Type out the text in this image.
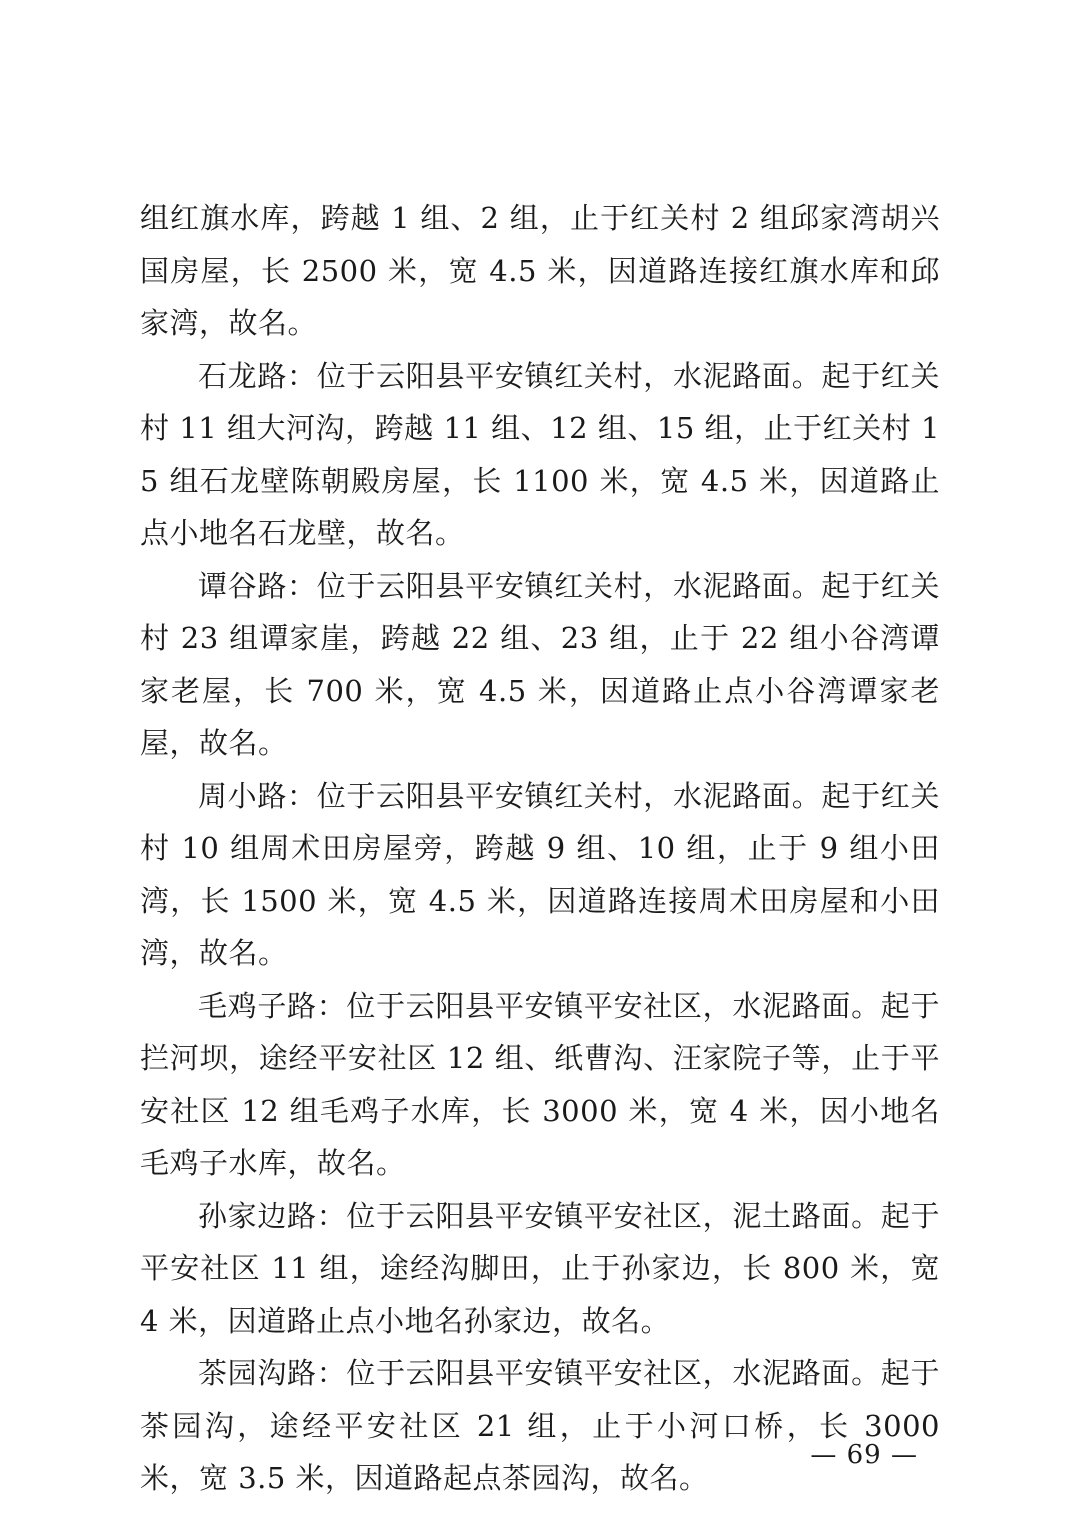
组红旗水库，跨越 1 组、2 组，止于红关村 2 组邱家湾胡兴国房屋，长 2500 米，宽 4.5 米，因道路连接红旗水库和邱家湾，故名。

石龙路：位于云阳县平安镇红关村，水泥路面。起于红关村 11 组大河沟，跨越 11 组、12 组、15 组，止于红关村 15 组石龙壁陈朝殿房屋，长 1100 米，宽 4.5 米，因道路止点小地名石龙壁，故名。

谭谷路：位于云阳县平安镇红关村，水泥路面。起于红关村 23 组谭家崖，跨越 22 组、23 组，止于 22 组小谷湾谭家老屋，长 700 米，宽 4.5 米，因道路止点小谷湾谭家老屋，故名。

周小路：位于云阳县平安镇红关村，水泥路面。起于红关村 10 组周术田房屋旁，跨越 9 组、10 组，止于 9 组小田湾，长 1500 米，宽 4.5 米，因道路连接周术田房屋和小田湾，故名。

毛鸡子路：位于云阳县平安镇平安社区，水泥路面。起于拦河坝，途经平安社区 12 组、纸曹沟、汪家院子等，止于平安社区 12 组毛鸡子水库，长 3000 米，宽 4 米，因小地名毛鸡子水库，故名。

孙家边路：位于云阳县平安镇平安社区，泥土路面。起于平安社区 11 组，途经沟脚田，止于孙家边，长 800 米，宽 4 米，因道路止点小地名孙家边，故名。

茶园沟路：位于云阳县平安镇平安社区，水泥路面。起于茶园沟，途经平安社区 21 组，止于小河口桥，长 3000 米，宽 3.5 米，因道路起点茶园沟，故名。

— 69 —
